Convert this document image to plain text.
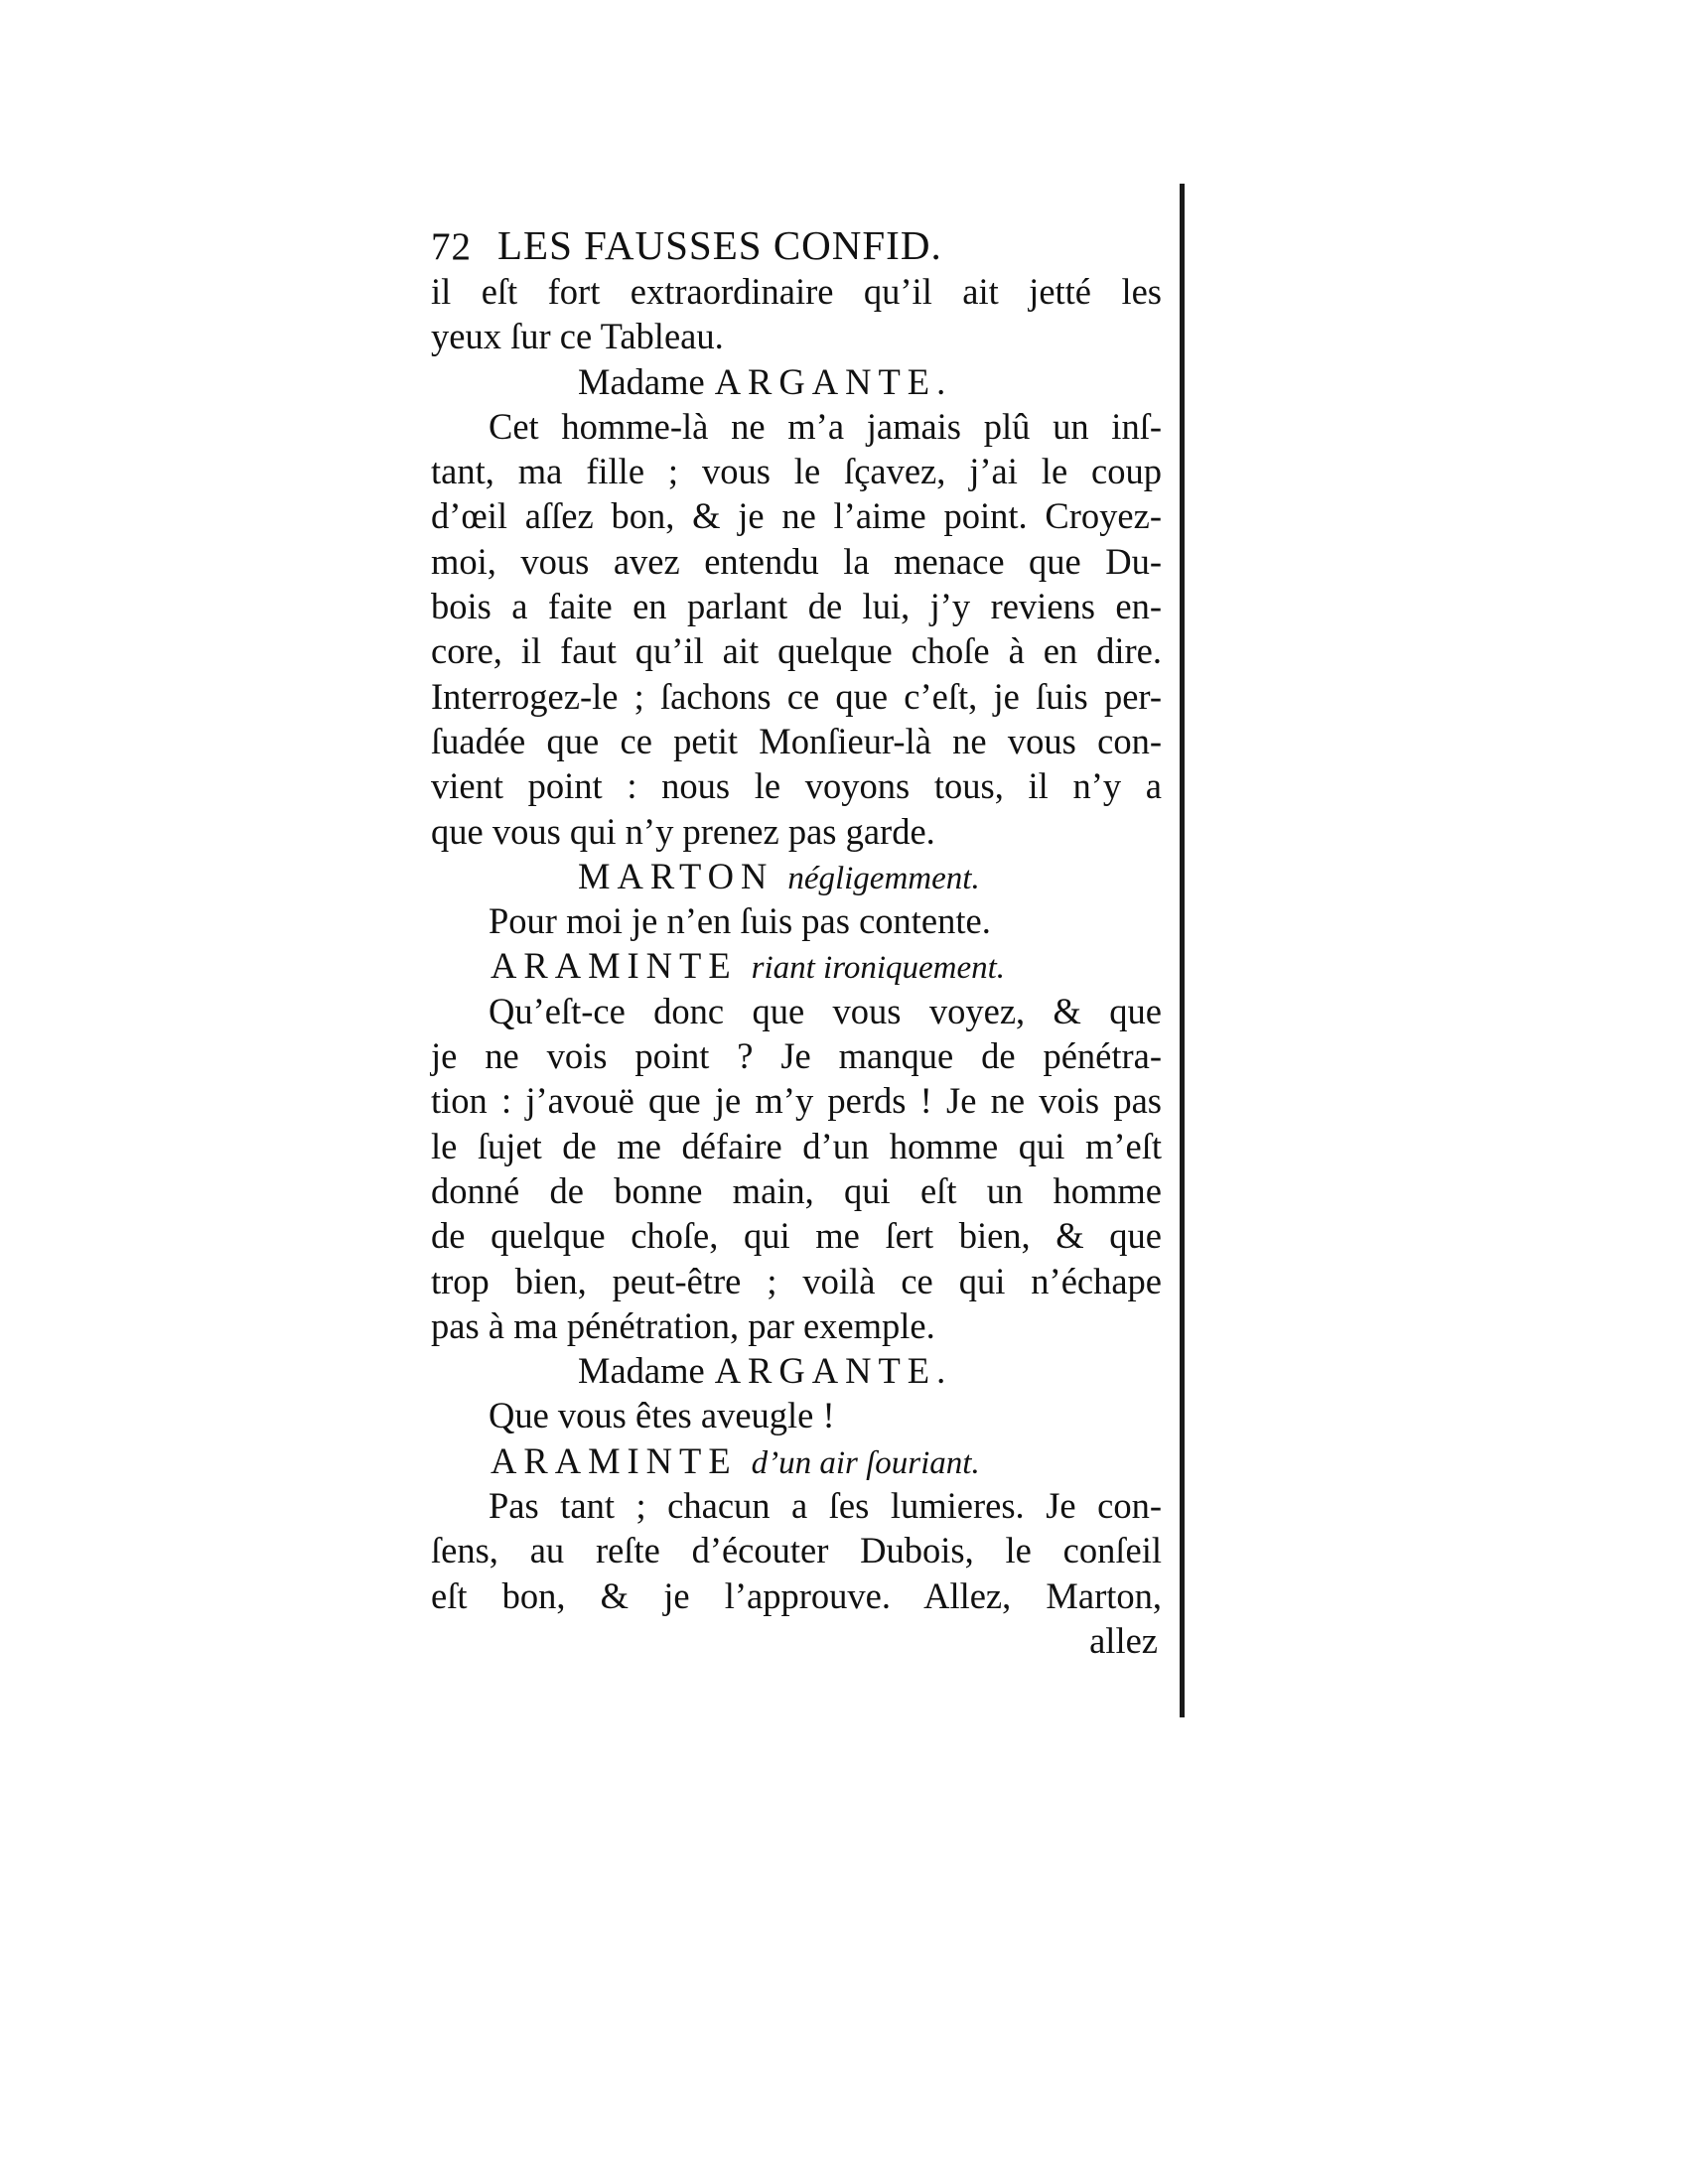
72 LES FAUSSES CONFID.
il eſt fort extraordinaire qu’il ait jetté les
yeux ſur ce Tableau.
Madame ARGANTE.
Cet homme-là ne m’a jamais plû un inſ-
tant, ma fille ; vous le ſçavez, j’ai le coup
d’œil aſſez bon, & je ne l’aime point. Croyez-
moi, vous avez entendu la menace que Du-
bois a faite en parlant de lui, j’y reviens en-
core, il faut qu’il ait quelque choſe à en dire.
Interrogez-le ; ſachons ce que c’eſt, je ſuis per-
ſuadée que ce petit Monſieur-là ne vous con-
vient point : nous le voyons tous, il n’y a
que vous qui n’y prenez pas garde.
MARTON négligemment.
Pour moi je n’en ſuis pas contente.
ARAMINTE riant ironiquement.
Qu’eſt-ce donc que vous voyez, & que
je ne vois point ? Je manque de pénétra-
tion : j’avouë que je m’y perds ! Je ne vois pas
le ſujet de me défaire d’un homme qui m’eſt
donné de bonne main, qui eſt un homme
de quelque choſe, qui me ſert bien, & que
trop bien, peut-être ; voilà ce qui n’échape
pas à ma pénétration, par exemple.
Madame ARGANTE.
Que vous êtes aveugle !
ARAMINTE d’un air ſouriant.
Pas tant ; chacun a ſes lumieres. Je con-
ſens, au reſte d’écouter Dubois, le conſeil
eſt bon, & je l’approuve. Allez, Marton,
allez
